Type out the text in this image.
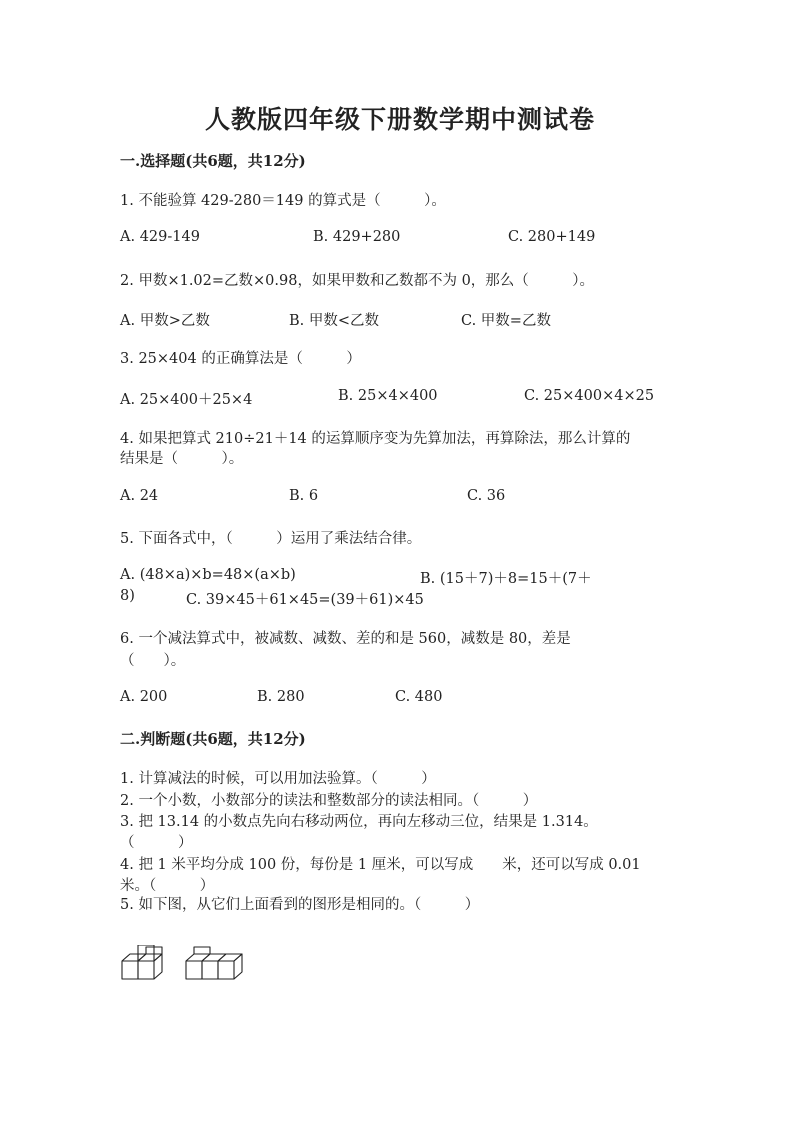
人教版四年级下册数学期中测试卷
一.选择题(共6题，共12分)
1. 不能验算 429-280＝149 的算式是（　　　）。
A. 429-149	B. 429+280	C. 280+149
2. 甲数×1.02=乙数×0.98，如果甲数和乙数都不为 0，那么（　　　）。
A. 甲数>乙数	B. 甲数<乙数	C. 甲数=乙数
3. 25×404 的正确算法是（　　　）
A. 25×400＋25×4	B. 25×4×400	C. 25×400×4×25
4. 如果把算式 210÷21＋14 的运算顺序变为先算加法，再算除法，那么计算的
结果是（　　　）。
A. 24	B. 6	C. 36
5. 下面各式中，（　　　）运用了乘法结合律。
A. (48×a)×b=48×(a×b)	B. (15＋7)＋8=15＋(7＋
8)	C. 39×45＋61×45=(39＋61)×45
6. 一个减法算式中，被减数、减数、差的和是 560，减数是 80，差是
（　　）。
A. 200	B. 280	C. 480
二.判断题(共6题，共12分)
1. 计算减法的时候，可以用加法验算。（　　　）
2. 一个小数，小数部分的读法和整数部分的读法相同。（　　　）
3. 把 13.14 的小数点先向右移动两位，再向左移动三位，结果是 1.314。
（　　　）
4. 把 1 米平均分成 100 份，每份是 1 厘米，可以写成　　米，还可以写成 0.01
米。（　　　）
5. 如下图，从它们上面看到的图形是相同的。（　　　）
